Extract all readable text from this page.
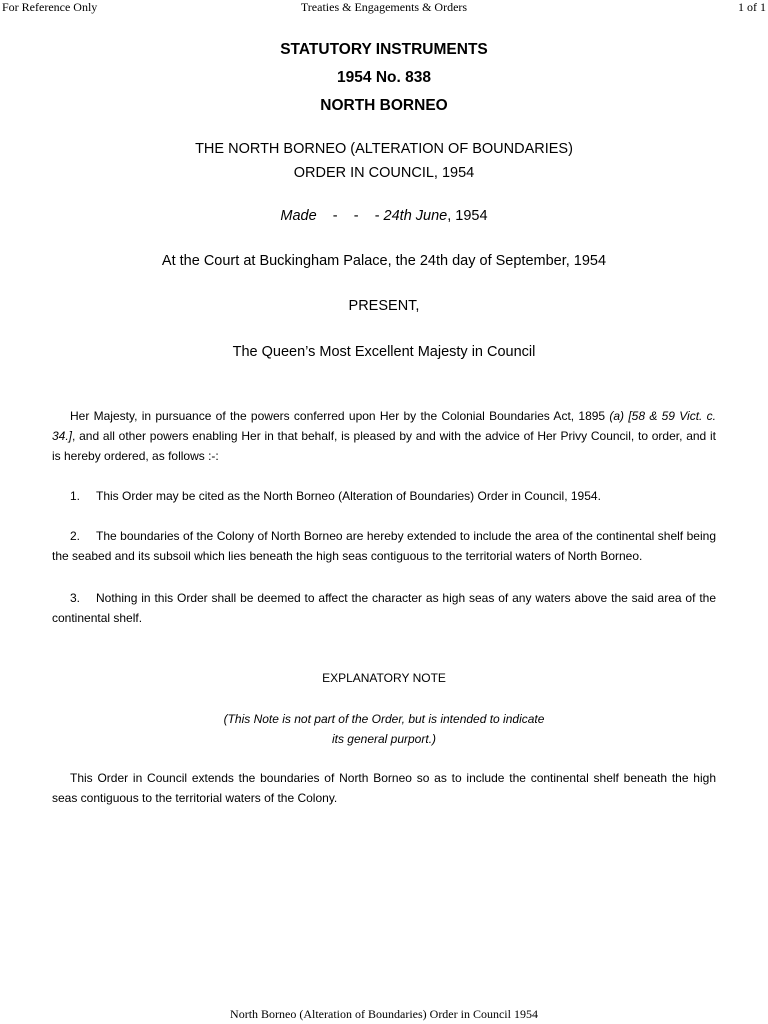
For Reference Only	Treaties & Engagements & Orders	1 of 1
STATUTORY INSTRUMENTS
1954 No. 838
NORTH BORNEO
THE NORTH BORNEO (ALTERATION OF BOUNDARIES)
ORDER IN COUNCIL, 1954
Made    -    -    - 24th June, 1954
At the Court at Buckingham Palace, the 24th day of September, 1954
PRESENT,
The Queen’s Most Excellent Majesty in Council
Her Majesty, in pursuance of the powers conferred upon Her by the Colonial Boundaries Act, 1895 (a) [58 & 59 Vict. c. 34.], and all other powers enabling Her in that behalf, is pleased by and with the advice of Her Privy Council, to order, and it is hereby ordered, as follows :-:
1. This Order may be cited as the North Borneo (Alteration of Boundaries) Order in Council, 1954.
2. The boundaries of the Colony of North Borneo are hereby extended to include the area of the continental shelf being the seabed and its subsoil which lies beneath the high seas contiguous to the territorial waters of North Borneo.
3. Nothing in this Order shall be deemed to affect the character as high seas of any waters above the said area of the continental shelf.
EXPLANATORY NOTE
(This Note is not part of the Order, but is intended to indicate
its general purport.)
This Order in Council extends the boundaries of North Borneo so as to include the continental shelf beneath the high seas contiguous to the territorial waters of the Colony.
North Borneo (Alteration of Boundaries) Order in Council 1954
